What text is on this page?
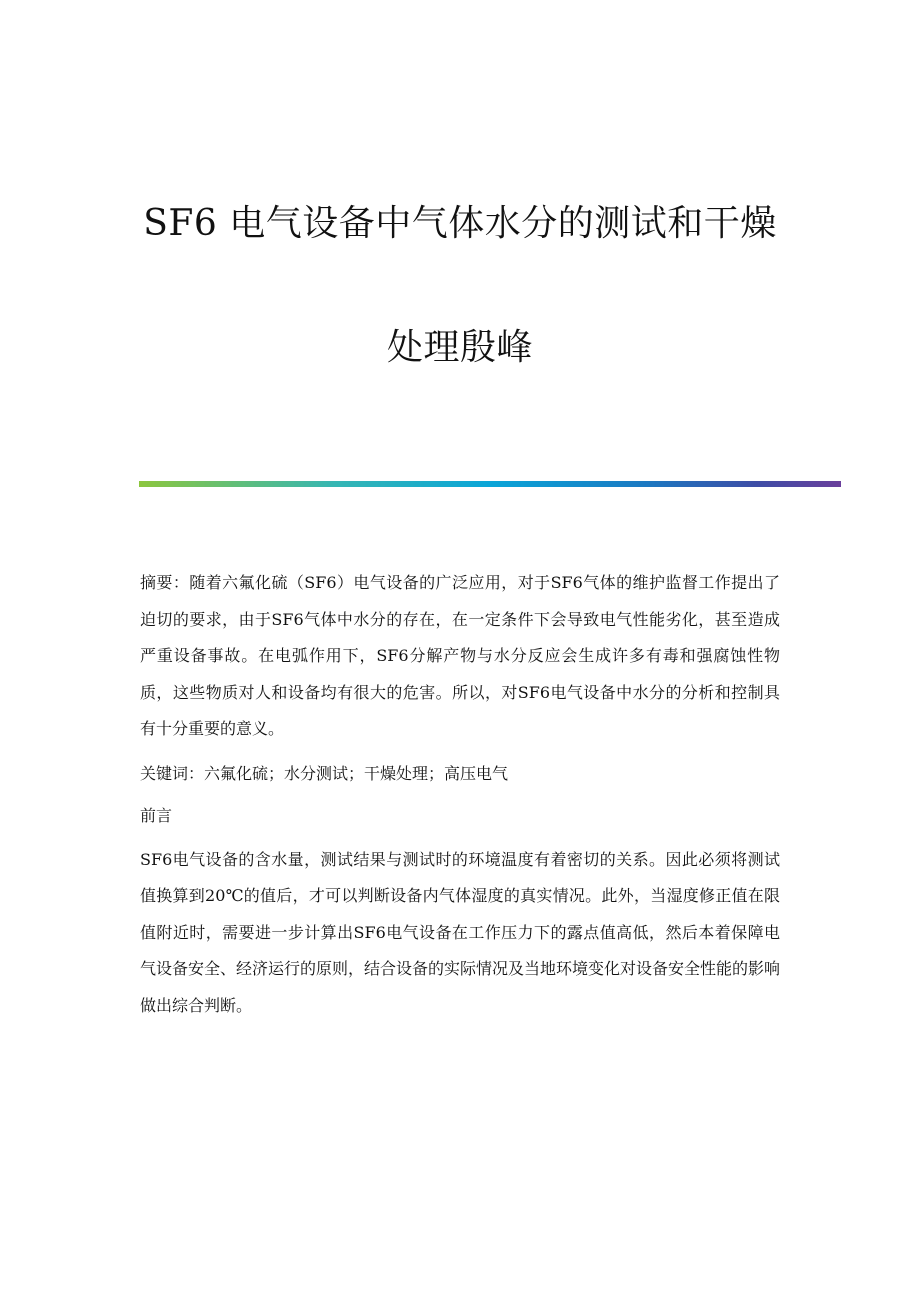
SF6 电气设备中气体水分的测试和干燥
处理殷峰

摘要：随着六氟化硫（SF6）电气设备的广泛应用，对于SF6气体的维护监督工作提出了迫切的要求，由于SF6气体中水分的存在，在一定条件下会导致电气性能劣化，甚至造成严重设备事故。在电弧作用下，SF6分解产物与水分反应会生成许多有毒和强腐蚀性物质，这些物质对人和设备均有很大的危害。所以，对SF6电气设备中水分的分析和控制具有十分重要的意义。

关键词：六氟化硫；水分测试；干燥处理；高压电气

前言

SF6电气设备的含水量，测试结果与测试时的环境温度有着密切的关系。因此必须将测试值换算到20℃的值后，才可以判断设备内气体湿度的真实情况。此外，当湿度修正值在限值附近时，需要进一步计算出SF6电气设备在工作压力下的露点值高低，然后本着保障电气设备安全、经济运行的原则，结合设备的实际情况及当地环境变化对设备安全性能的影响做出综合判断。
